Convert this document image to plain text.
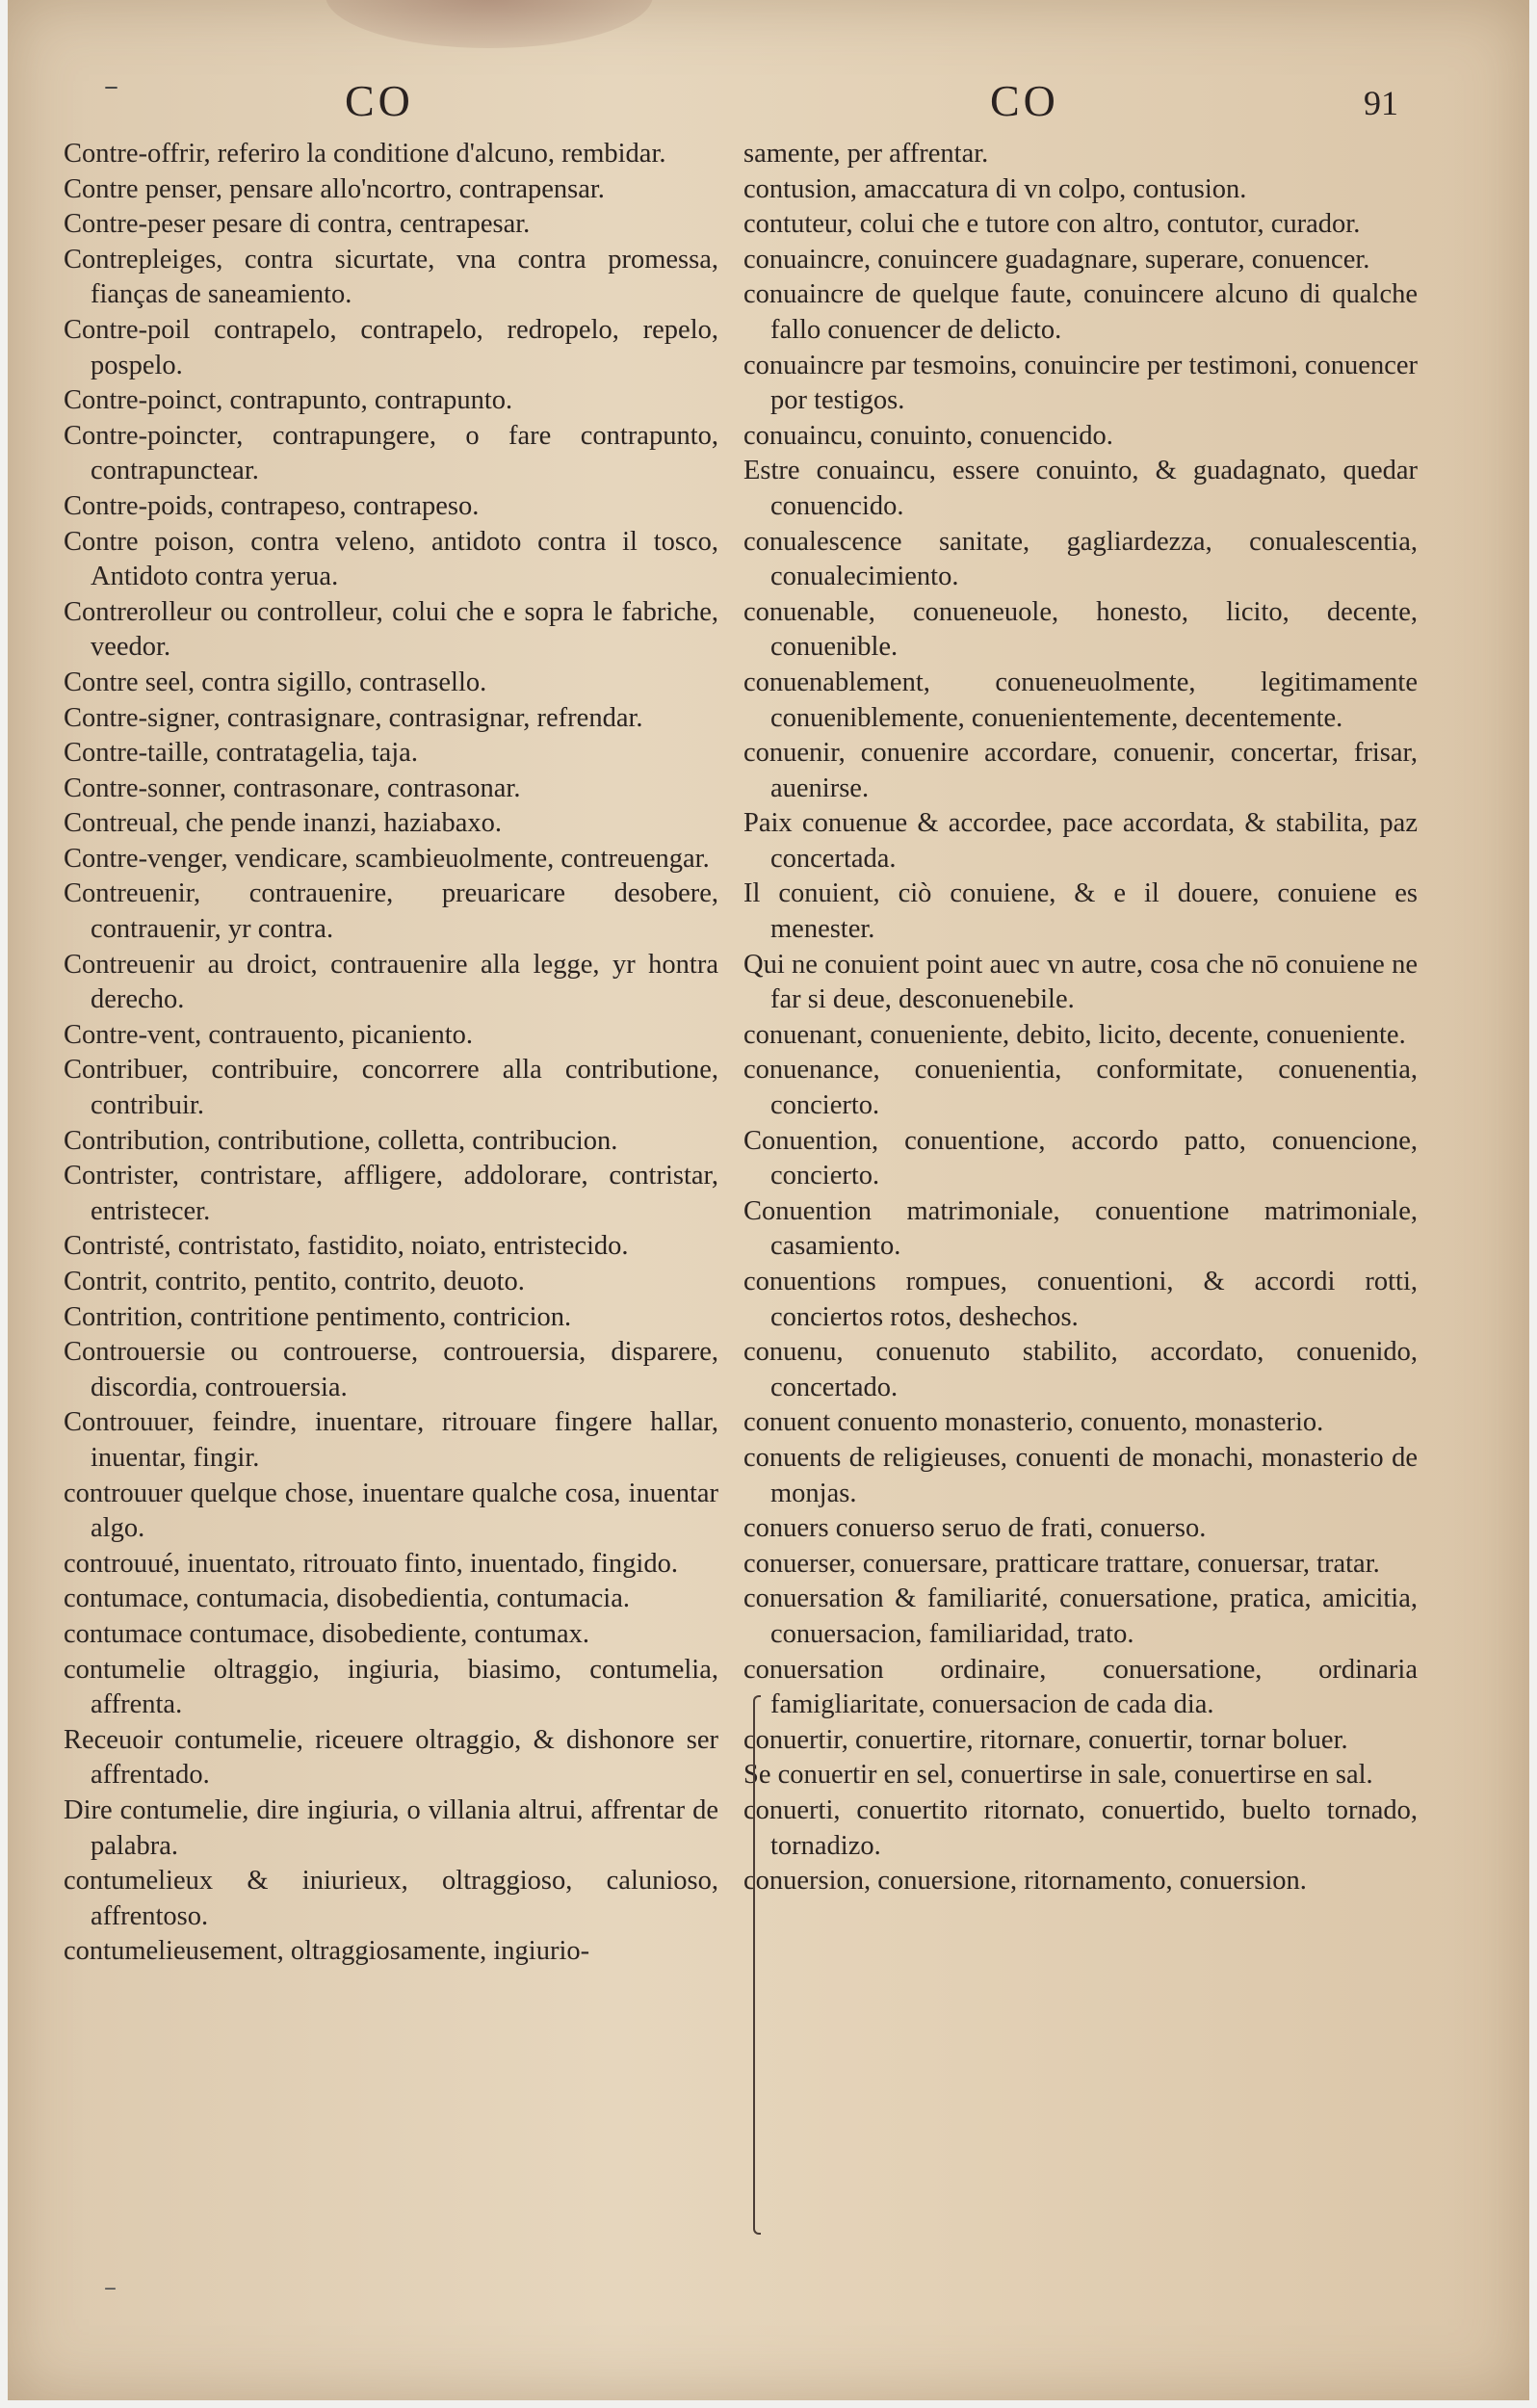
–	CO	CO	91

Contre-offrir, referiro la conditione d'alcuno, rembidar.

Contre penser, pensare allo'ncortro, contrapensar.

Contre-peser pesare di contra, centrapesar.

Contrepleiges, contra sicurtate, vna contra promessa, fianças de saneamiento.

Contre-poil contrapelo, contrapelo, redropelo, repelo, pospelo.

Contre-poinct, contrapunto, contrapunto.

Contre-poincter, contrapungere, o fare contrapunto, contrapunctear.

Contre-poids, contrapeso, contrapeso.

Contre poison, contra veleno, antidoto contra il tosco, Antidoto contra yerua.

Contrerolleur ou controlleur, colui che e sopra le fabriche, veedor.

Contre seel, contra sigillo, contrasello.

Contre-signer, contrasignare, contrasignar, refrendar.

Contre-taille, contratagelia, taja.

Contre-sonner, contrasonare, contrasonar.

Contreual, che pende inanzi, haziabaxo.

Contre-venger, vendicare, scambieuolmente, contreuengar.

Contreuenir, contrauenire, preuaricare desobere, contrauenir, yr contra.

Contreuenir au droict, contrauenire alla legge, yr hontra derecho.

Contre-vent, contrauento, picaniento.

Contribuer, contribuire, concorrere alla contributione, contribuir.

Contribution, contributione, colletta, contribucion.

Contrister, contristare, affligere, addolorare, contristar, entristecer.

Contristé, contristato, fastidito, noiato, entristecido.

Contrit, contrito, pentito, contrito, deuoto.

Contrition, contritione pentimento, contricion.

Controuersie ou controuerse, controuersia, disparere, discordia, controuersia.

Controuuer, feindre, inuentare, ritrouare fingere hallar, inuentar, fingir.

controuuer quelque chose, inuentare qualche cosa, inuentar algo.

controuué, inuentato, ritrouato finto, inuentado, fingido.

contumace, contumacia, disobedientia, contumacia.

contumace contumace, disobediente, contumax.

contumelie oltraggio, ingiuria, biasimo, contumelia, affrenta.

Receuoir contumelie, riceuere oltraggio, & dishonore ser affrentado.

Dire contumelie, dire ingiuria, o villania altrui, affrentar de palabra.

contumelieux & iniurieux, oltraggioso, calunioso, affrentoso.

contumelieusement, oltraggiosamente, ingiurio-

samente, per affrentar.

contusion, amaccatura di vn colpo, contusion.

contuteur, colui che e tutore con altro, contutor, curador.

conuaincre, conuincere guadagnare, superare, conuencer.

conuaincre de quelque faute, conuincere alcuno di qualche fallo conuencer de delicto.

conuaincre par tesmoins, conuincire per testimoni, conuencer por testigos.

conuaincu, conuinto, conuencido.

Estre conuaincu, essere conuinto, & guadagnato, quedar conuencido.

conualescence sanitate, gagliardezza, conualescentia, conualecimiento.

conuenable, conueneuole, honesto, licito, decente, conuenible.

conuenablement, conueneuolmente, legitimamente conueniblemente, conuenientemente, decentemente.

conuenir, conuenire accordare, conuenir, concertar, frisar, auenirse.

Paix conuenue & accordee, pace accordata, & stabilita, paz concertada.

Il conuient, ciò conuiene, & e il douere, conuiene es menester.

Qui ne conuient point auec vn autre, cosa che nō conuiene ne far si deue, desconuenebile.

conuenant, conueniente, debito, licito, decente, conueniente.

conuenance, conuenientia, conformitate, conuenentia, concierto.

Conuention, conuentione, accordo patto, conuencione, concierto.

Conuention matrimoniale, conuentione matrimoniale, casamiento.

conuentions rompues, conuentioni, & accordi rotti, conciertos rotos, deshechos.

conuenu, conuenuto stabilito, accordato, conuenido, concertado.

conuent conuento monasterio, conuento, monasterio.

conuents de religieuses, conuenti de monachi, monasterio de monjas.

conuers conuerso seruo de frati, conuerso.

conuerser, conuersare, pratticare trattare, conuersar, tratar.

conuersation & familiarité, conuersatione, pratica, amicitia, conuersacion, familiaridad, trato.

conuersation ordinaire, conuersatione, ordinaria famigliaritate, conuersacion de cada dia.

conuertir, conuertire, ritornare, conuertir, tornar boluer.

Se conuertir en sel, conuertirse in sale, conuertirse en sal.

conuerti, conuertito ritornato, conuertido, buelto tornado, tornadizo.

conuersion, conuersione, ritornamento, conuersion.

–
